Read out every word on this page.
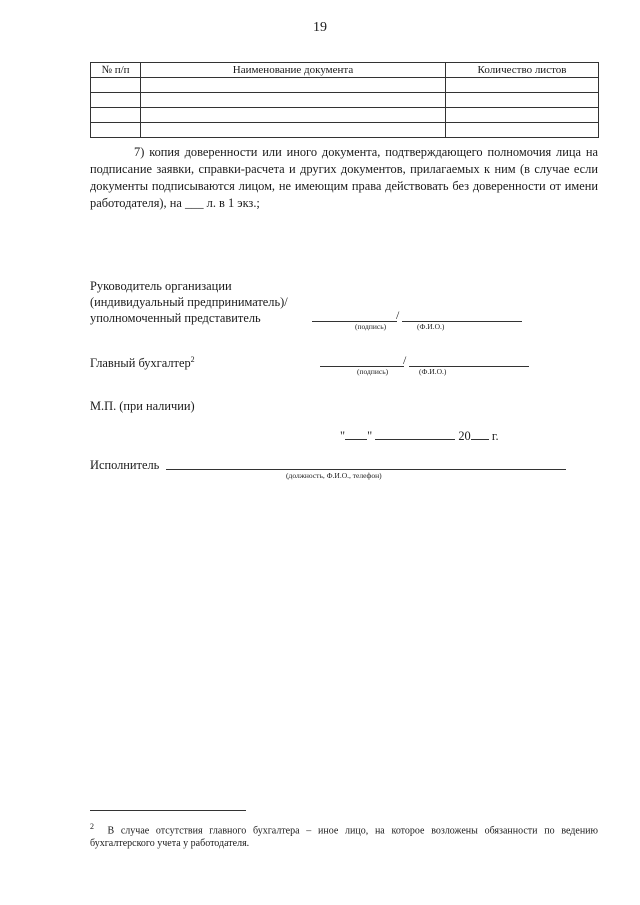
19
№ п/п	Наименование документа	Количество листов

7) копия доверенности или иного документа, подтверждающего полномочия лица на подписание заявки, справки-расчета и других документов, прилагаемых к ним (в случае если документы подписываются лицом, не имеющим права действовать без доверенности от имени работодателя), на ___ л. в 1 экз.;

Руководитель организации
(индивидуальный предприниматель)/
уполномоченный представитель	/
(подпись)	(Ф.И.О.)
Главный бухгалтер$^2$	/
(подпись)	(Ф.И.О.)
М.П. (при наличии)
" "	20 г.
Исполнитель
(должность, Ф.И.О., телефон)

$^2$ В случае отсутствия главного бухгалтера – иное лицо, на которое возложены обязанности по ведению бухгалтерского учета у работодателя.
